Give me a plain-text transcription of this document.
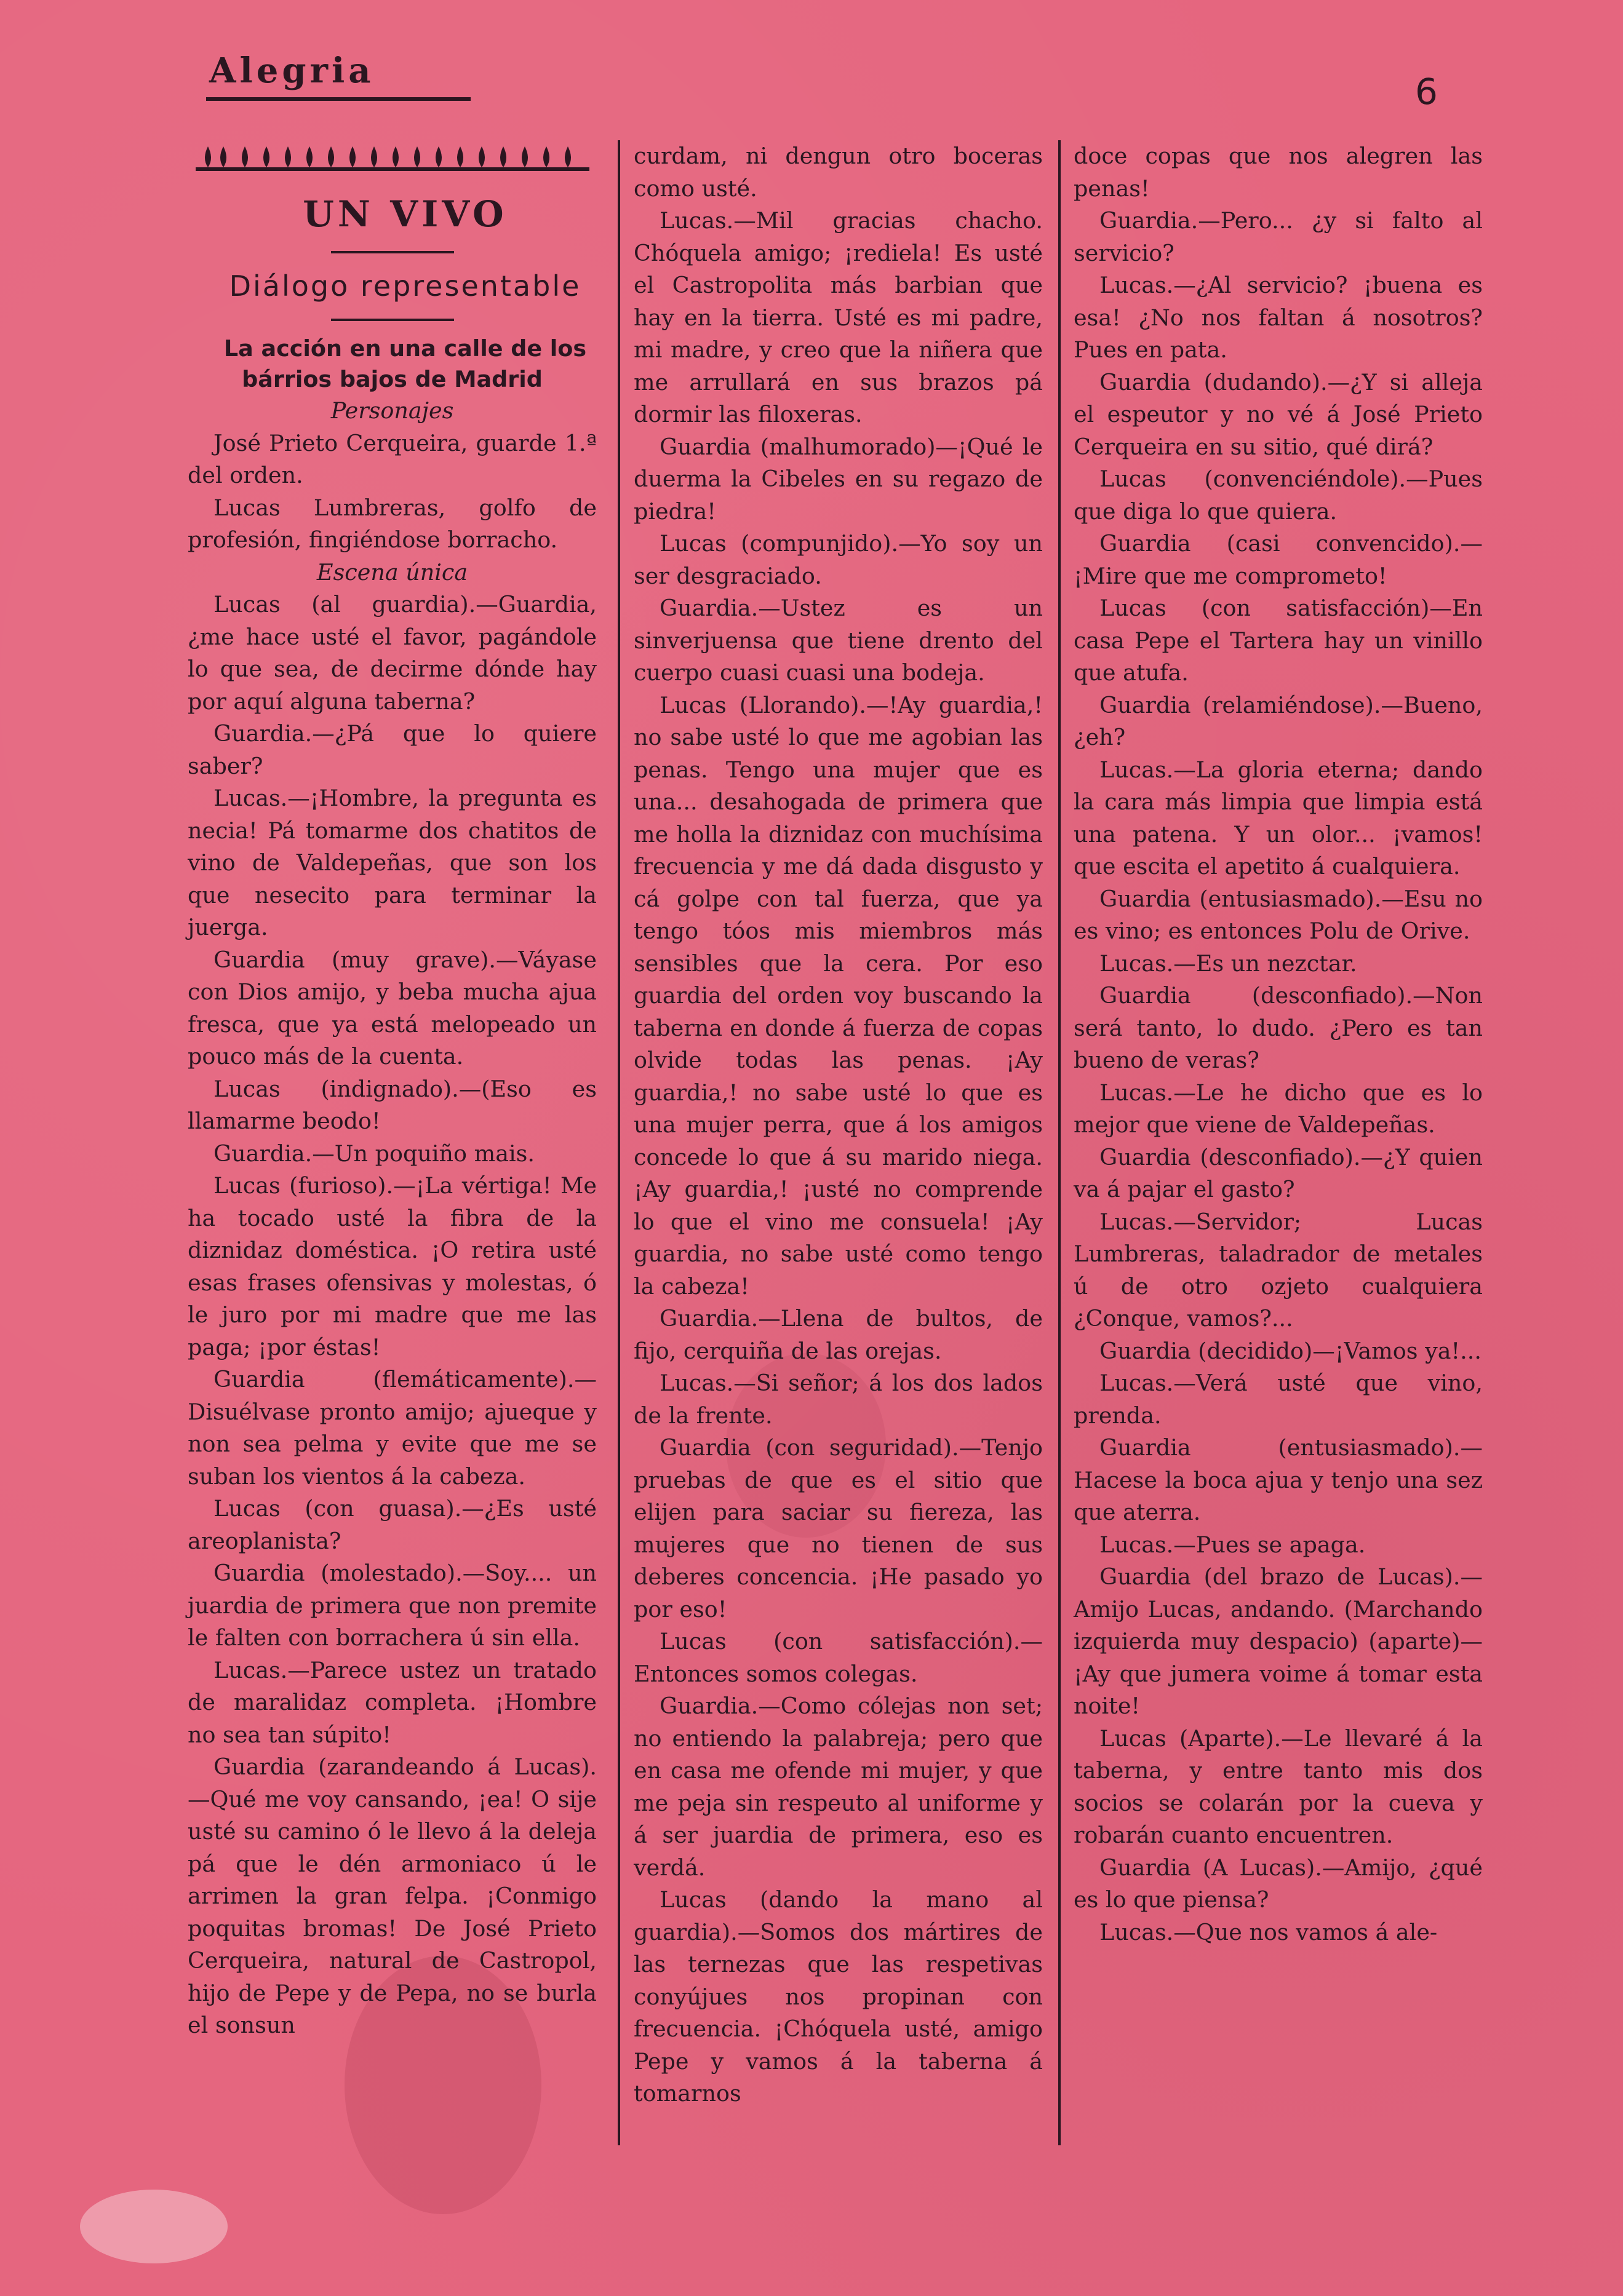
Alegria	6

UN VIVO

Diálogo representable

La acción en una calle de los bárrios bajos de Madrid

Personajes

José Prieto Cerqueira, guarde 1.ª del orden.

Lucas Lumbreras, golfo de profesión, fingiéndose borracho.

Escena única

Lucas (al guardia).—Guardia, ¿me hace usté el favor, pagándole lo que sea, de decirme dónde hay por aquí alguna taberna?

Guardia.—¿Pá que lo quiere saber?

Lucas.—¡Hombre, la pregunta es necia! Pá tomarme dos chatitos de vino de Valdepeñas, que son los que nesecito para terminar la juerga.

Guardia (muy grave).—Váyase con Dios amijo, y beba mucha ajua fresca, que ya está melopeado un pouco más de la cuenta.

Lucas (indignado).—(Eso es llamarme beodo!

Guardia.—Un poquiño mais.

Lucas (furioso).—¡La vértiga! Me ha tocado usté la fibra de la diznidaz doméstica. ¡O retira usté esas frases ofensivas y molestas, ó le juro por mi madre que me las paga; ¡por éstas!

Guardia (flemáticamente).—Disuélvase pronto amijo; ajueque y non sea pelma y evite que me se suban los vientos á la cabeza.

Lucas (con guasa).—¿Es usté areoplanista?

Guardia (molestado).—Soy.... un juardia de primera que non premite le falten con borrachera ú sin ella.

Lucas.—Parece ustez un tratado de maralidaz completa. ¡Hombre no sea tan súpito!

Guardia (zarandeando á Lucas).—Qué me voy cansando, ¡ea! O sije usté su camino ó le llevo á la deleja pá que le dén armoniaco ú le arrimen la gran felpa. ¡Conmigo poquitas bromas! De José Prieto Cerqueira, natural de Castropol, hijo de Pepe y de Pepa, no se burla el sonsun

curdam, ni dengun otro boceras como usté.

Lucas.—Mil gracias chacho. Chóquela amigo; ¡rediela! Es usté el Castropolita más barbian que hay en la tierra. Usté es mi padre, mi madre, y creo que la niñera que me arrullará en sus brazos pá dormir las filoxeras.

Guardia (malhumorado)—¡Qué le duerma la Cibeles en su regazo de piedra!

Lucas (compunjido).—Yo soy un ser desgraciado.

Guardia.—Ustez es un sinverjuensa que tiene drento del cuerpo cuasi cuasi una bodeja.

Lucas (Llorando).—!Ay guardia,! no sabe usté lo que me agobian las penas. Tengo una mujer que es una... desahogada de primera que me holla la diznidaz con muchísima frecuencia y me dá dada disgusto y cá golpe con tal fuerza, que ya tengo tóos mis miembros más sensibles que la cera. Por eso guardia del orden voy buscando la taberna en donde á fuerza de copas olvide todas las penas. ¡Ay guardia,! no sabe usté lo que es una mujer perra, que á los amigos concede lo que á su marido niega. ¡Ay guardia,! ¡usté no comprende lo que el vino me consuela! ¡Ay guardia, no sabe usté como tengo la cabeza!

Guardia.—Llena de bultos, de fijo, cerquiña de las orejas.

Lucas.—Si señor; á los dos lados de la frente.

Guardia (con seguridad).—Tenjo pruebas de que es el sitio que elijen para saciar su fiereza, las mujeres que no tienen de sus deberes concencia. ¡He pasado yo por eso!

Lucas (con satisfacción).—Entonces somos colegas.

Guardia.—Como cólejas non set; no entiendo la palabreja; pero que en casa me ofende mi mujer, y que me peja sin respeuto al uniforme y á ser juardia de primera, eso es verdá.

Lucas (dando la mano al guardia).—Somos dos mártires de las ternezas que las respetivas conyújues nos propinan con frecuencia. ¡Chóquela usté, amigo Pepe y vamos á la taberna á tomarnos

doce copas que nos alegren las penas!

Guardia.—Pero... ¿y si falto al servicio?

Lucas.—¿Al servicio? ¡buena es esa! ¿No nos faltan á nosotros? Pues en pata.

Guardia (dudando).—¿Y si alleja el espeutor y no vé á José Prieto Cerqueira en su sitio, qué dirá?

Lucas (convenciéndole).—Pues que diga lo que quiera.

Guardia (casi convencido).—¡Mire que me comprometo!

Lucas (con satisfacción)—En casa Pepe el Tartera hay un vinillo que atufa.

Guardia (relamiéndose).—Bueno, ¿eh?

Lucas.—La gloria eterna; dando la cara más limpia que limpia está una patena. Y un olor... ¡vamos! que escita el apetito á cualquiera.

Guardia (entusiasmado).—Esu no es vino; es entonces Polu de Orive.

Lucas.—Es un nezctar.

Guardia (desconfiado).—Non será tanto, lo dudo. ¿Pero es tan bueno de veras?

Lucas.—Le he dicho que es lo mejor que viene de Valdepeñas.

Guardia (desconfiado).—¿Y quien va á pajar el gasto?

Lucas.—Servidor; Lucas Lumbreras, taladrador de metales ú de otro ozjeto cualquiera ¿Conque, vamos?...

Guardia (decidido)—¡Vamos ya!...

Lucas.—Verá usté que vino, prenda.

Guardia (entusiasmado).—Hacese la boca ajua y tenjo una sez que aterra.

Lucas.—Pues se apaga.

Guardia (del brazo de Lucas).—Amijo Lucas, andando. (Marchando izquierda muy despacio) (aparte)—¡Ay que jumera voime á tomar esta noite!

Lucas (Aparte).—Le llevaré á la taberna, y entre tanto mis dos socios se colarán por la cueva y robarán cuanto encuentren.

Guardia (A Lucas).—Amijo, ¿qué es lo que piensa?

Lucas.—Que nos vamos á ale-
